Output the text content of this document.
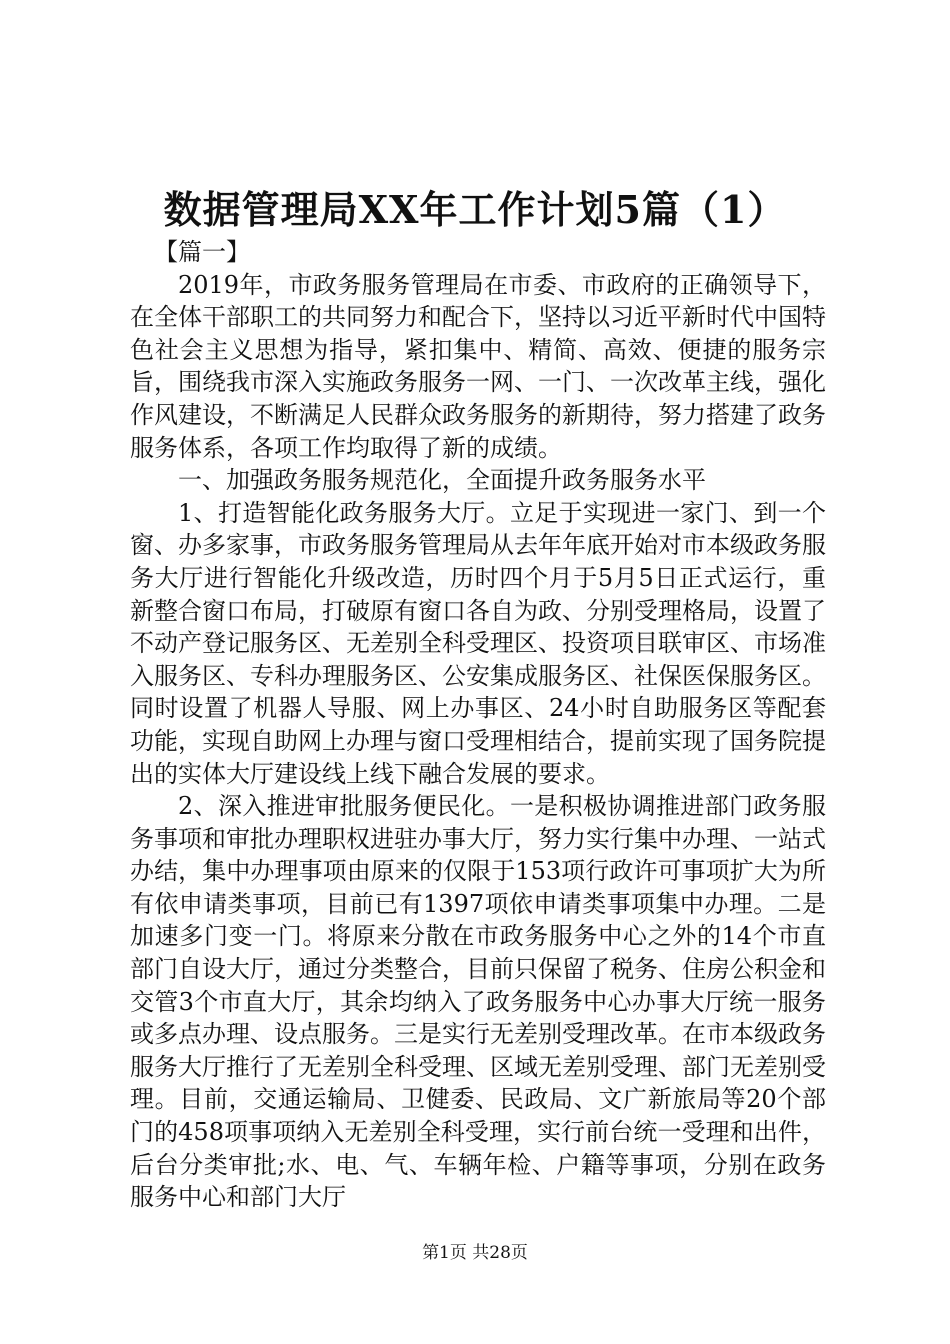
数据管理局XX年工作计划5篇（1）

【篇一】

2019年，市政务服务管理局在市委、市政府的正确领导下，在全体干部职工的共同努力和配合下，坚持以习近平新时代中国特色社会主义思想为指导，紧扣集中、精简、高效、便捷的服务宗旨，围绕我市深入实施政务服务一网、一门、一次改革主线，强化作风建设，不断满足人民群众政务服务的新期待，努力搭建了政务服务体系，各项工作均取得了新的成绩。

一、加强政务服务规范化，全面提升政务服务水平

1、打造智能化政务服务大厅。立足于实现进一家门、到一个窗、办多家事，市政务服务管理局从去年年底开始对市本级政务服务大厅进行智能化升级改造，历时四个月于5月5日正式运行，重新整合窗口布局，打破原有窗口各自为政、分别受理格局，设置了不动产登记服务区、无差别全科受理区、投资项目联审区、市场准入服务区、专科办理服务区、公安集成服务区、社保医保服务区。同时设置了机器人导服、网上办事区、24小时自助服务区等配套功能，实现自助网上办理与窗口受理相结合，提前实现了国务院提出的实体大厅建设线上线下融合发展的要求。

2、深入推进审批服务便民化。一是积极协调推进部门政务服务事项和审批办理职权进驻办事大厅，努力实行集中办理、一站式办结，集中办理事项由原来的仅限于153项行政许可事项扩大为所有依申请类事项，目前已有1397项依申请类事项集中办理。二是加速多门变一门。将原来分散在市政务服务中心之外的14个市直部门自设大厅，通过分类整合，目前只保留了税务、住房公积金和交管3个市直大厅，其余均纳入了政务服务中心办事大厅统一服务或多点办理、设点服务。三是实行无差别受理改革。在市本级政务服务大厅推行了无差别全科受理、区域无差别受理、部门无差别受理。目前，交通运输局、卫健委、民政局、文广新旅局等20个部门的458项事项纳入无差别全科受理，实行前台统一受理和出件，后台分类审批;水、电、气、车辆年检、户籍等事项，分别在政务服务中心和部门大厅

第1页 共28页
